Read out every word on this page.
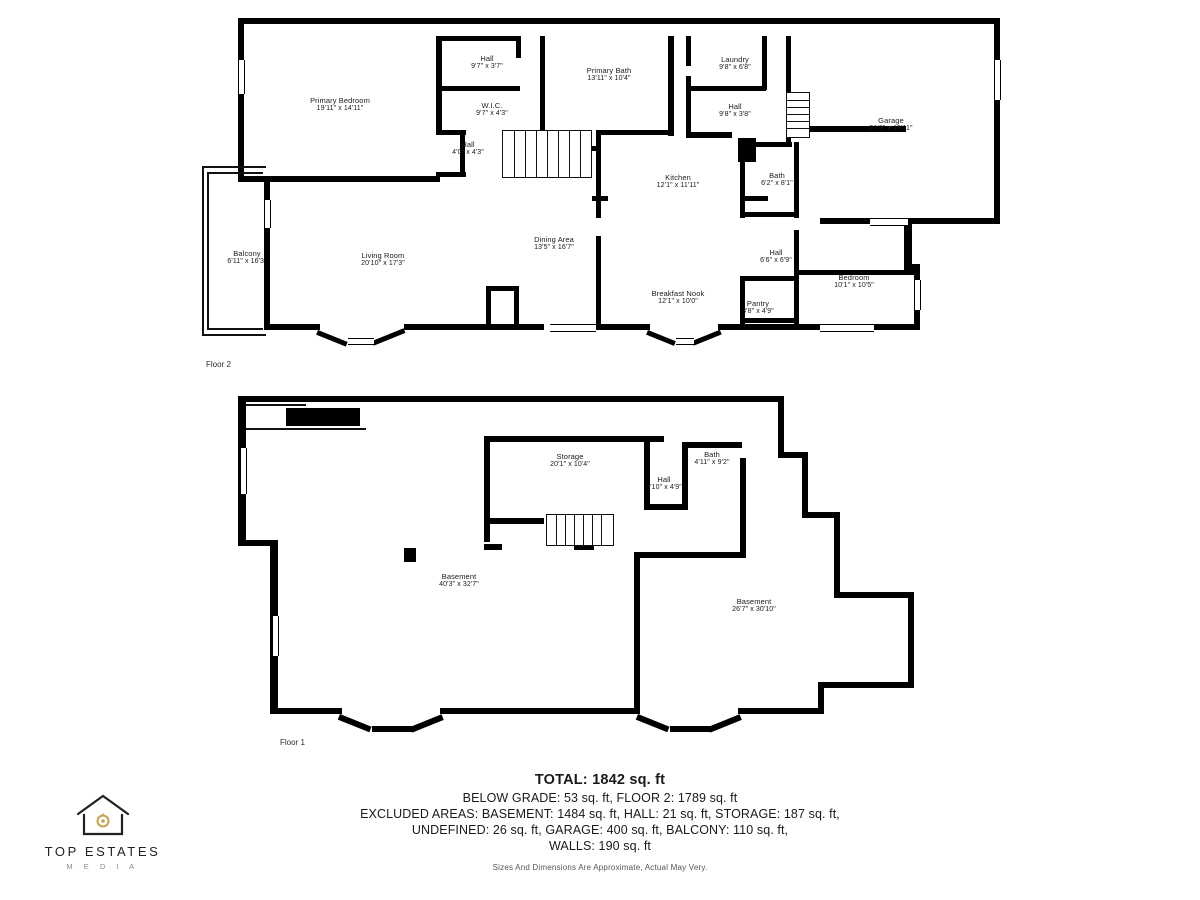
Primary Bedroom
19'11" x 14'11"
Hall
9'7" x 3'7"
W.I.C.
9'7" x 4'3"
Hall
4'0" x 4'3"
Primary Bath
13'11" x 10'4"
Laundry
9'8" x 6'8"
Hall
9'8" x 3'8"
Garage
21'3" x 19'11"
Kitchen
12'1" x 11'11"
Bath
6'2" x 8'1"
Hall
6'6" x 6'9"
Bedroom
10'1" x 10'5"
Balcony
6'11" x 16'3"
Living Room
20'10" x 17'3"
Dining Area
13'5" x 16'7"
Breakfast Nook
12'1" x 10'0"	Pantry
3'8" x 4'9"
Floor 2
Storage
20'1" x 10'4"
Bath
4'11" x 9'2"
Hall
3'10" x 4'9"
Basement
40'3" x 32'7"
Basement
26'7" x 30'10"
Floor 1
TOTAL: 1842 sq. ft
BELOW GRADE: 53 sq. ft, FLOOR 2: 1789 sq. ft
EXCLUDED AREAS: BASEMENT: 1484 sq. ft, HALL: 21 sq. ft, STORAGE: 187 sq. ft,
UNDEFINED: 26 sq. ft, GARAGE: 400 sq. ft, BALCONY: 110 sq. ft,
WALLS: 190 sq. ft
Sizes And Dimensions Are Approximate, Actual May Very.
TOP ESTATES
M E D I A
